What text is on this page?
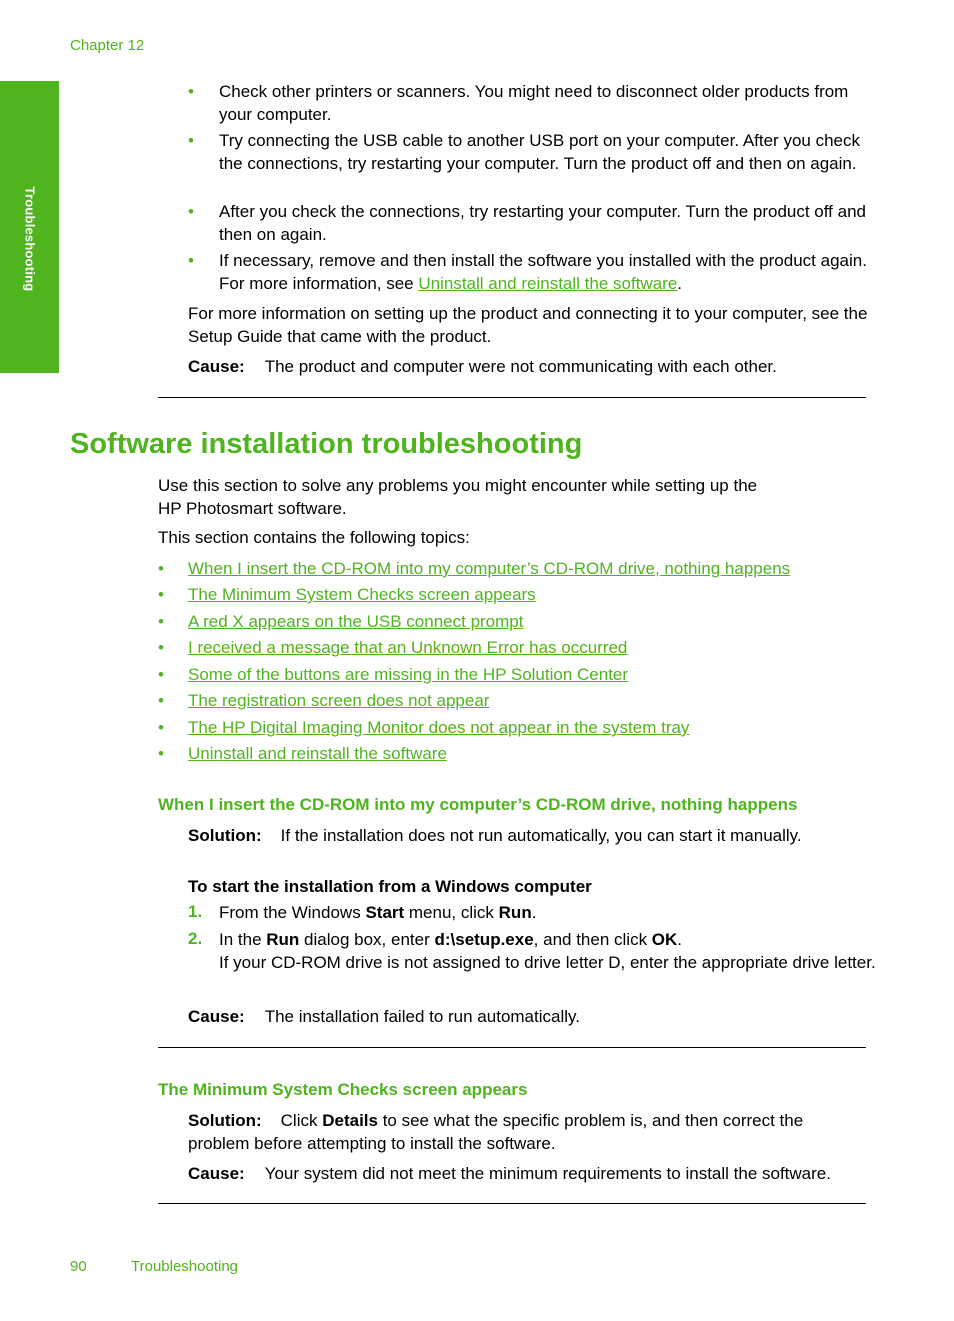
Chapter 12
Troubleshooting
• Check other printers or scanners. You might need to disconnect older products from your computer.
• Try connecting the USB cable to another USB port on your computer. After you check the connections, try restarting your computer. Turn the product off and then on again.
• After you check the connections, try restarting your computer. Turn the product off and then on again.
• If necessary, remove and then install the software you installed with the product again. For more information, see Uninstall and reinstall the software.
For more information on setting up the product and connecting it to your computer, see the Setup Guide that came with the product.
Cause: The product and computer were not communicating with each other.
Software installation troubleshooting
Use this section to solve any problems you might encounter while setting up the
HP Photosmart software.
This section contains the following topics:
• When I insert the CD-ROM into my computer’s CD-ROM drive, nothing happens
• The Minimum System Checks screen appears
• A red X appears on the USB connect prompt
• I received a message that an Unknown Error has occurred
• Some of the buttons are missing in the HP Solution Center
• The registration screen does not appear
• The HP Digital Imaging Monitor does not appear in the system tray
• Uninstall and reinstall the software
When I insert the CD-ROM into my computer’s CD-ROM drive, nothing happens
Solution: If the installation does not run automatically, you can start it manually.
To start the installation from a Windows computer
1. From the Windows Start menu, click Run.
2. In the Run dialog box, enter d:\setup.exe, and then click OK.
If your CD-ROM drive is not assigned to drive letter D, enter the appropriate drive letter.
Cause: The installation failed to run automatically.
The Minimum System Checks screen appears
Solution: Click Details to see what the specific problem is, and then correct the problem before attempting to install the software.
Cause: Your system did not meet the minimum requirements to install the software.
90	Troubleshooting
